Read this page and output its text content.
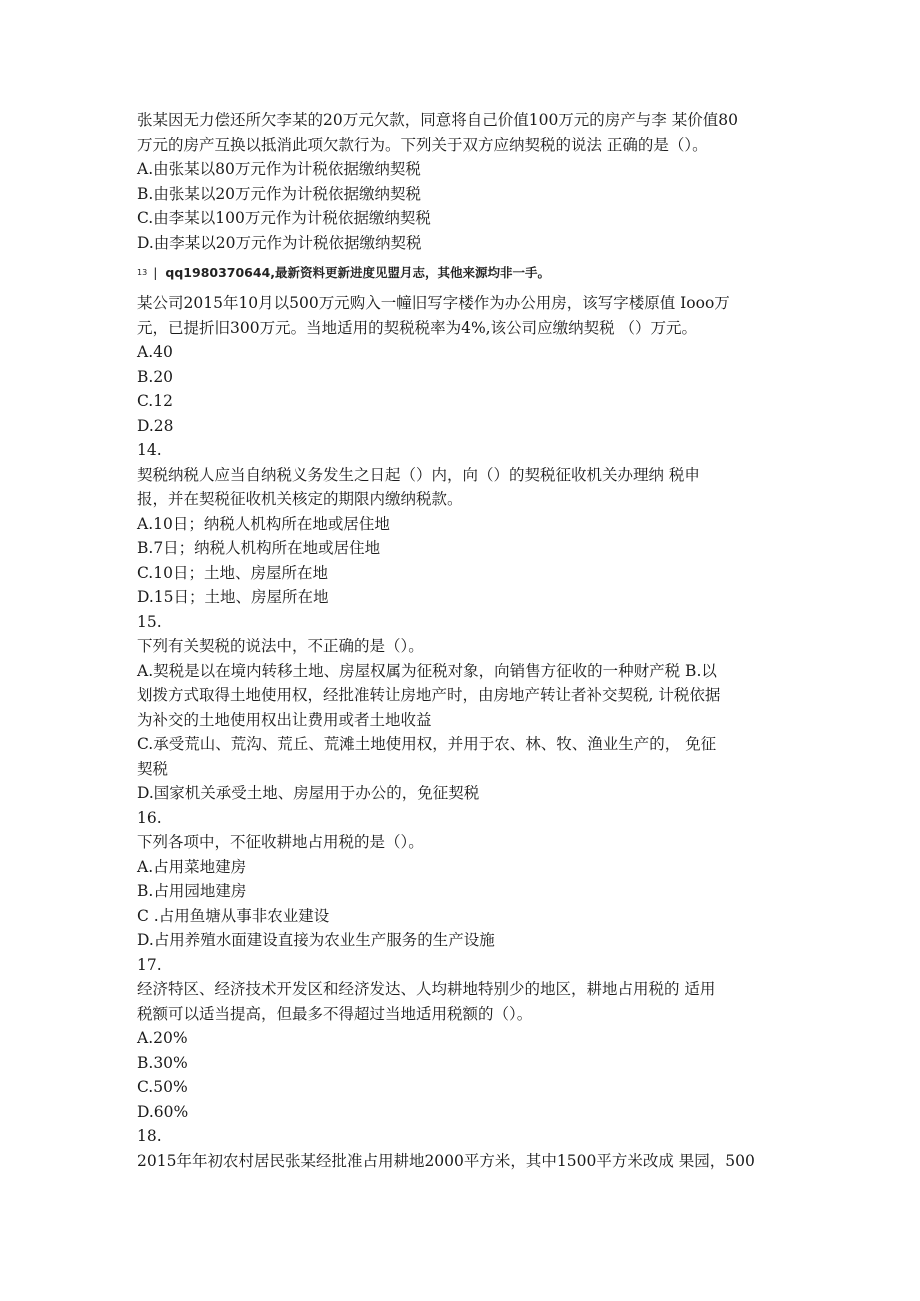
张某因无力偿还所欠李某的20万元欠款，同意将自己价值100万元的房产与李 某价值80
万元的房产互换以抵消此项欠款行为。下列关于双方应纳契税的说法 正确的是（）。
A.由张某以80万元作为计税依据缴纳契税
B.由张某以20万元作为计税依据缴纳契税
C.由李某以100万元作为计税依据缴纳契税
D.由李某以20万元作为计税依据缴纳契税
13 | qq1980370644,最新资料更新进度见盟月志，其他来源均非一手。
某公司2015年10月以500万元购入一幢旧写字楼作为办公用房，该写字楼原值 Iooo万
元，已提折旧300万元。当地适用的契税税率为4%,该公司应缴纳契税 （）万元。
A.40
B.20
C.12
D.28
14.
契税纳税人应当自纳税义务发生之日起（）内，向（）的契税征收机关办理纳 税申
报，并在契税征收机关核定的期限内缴纳税款。
A.10日；纳税人机构所在地或居住地
B.7日；纳税人机构所在地或居住地
C.10日；土地、房屋所在地
D.15日；土地、房屋所在地
15.
下列有关契税的说法中，不正确的是（）。
A.契税是以在境内转移土地、房屋权属为征税对象，向销售方征收的一种财产税 B.以
划拨方式取得土地使用权，经批准转让房地产时，由房地产转让者补交契税, 计税依据
为补交的土地使用权出让费用或者土地收益
C.承受荒山、荒沟、荒丘、荒滩土地使用权，并用于农、林、牧、渔业生产的， 免征
契税
D.国家机关承受土地、房屋用于办公的，免征契税
16.
下列各项中，不征收耕地占用税的是（）。
A.占用菜地建房
B.占用园地建房
C .占用鱼塘从事非农业建设
D.占用养殖水面建设直接为农业生产服务的生产设施
17.
经济特区、经济技术开发区和经济发达、人均耕地特别少的地区，耕地占用税的 适用
税额可以适当提高，但最多不得超过当地适用税额的（）。
A.20%
B.30%
C.50%
D.60%
18.
2015年年初农村居民张某经批准占用耕地2000平方米，其中1500平方米改成 果园，500
